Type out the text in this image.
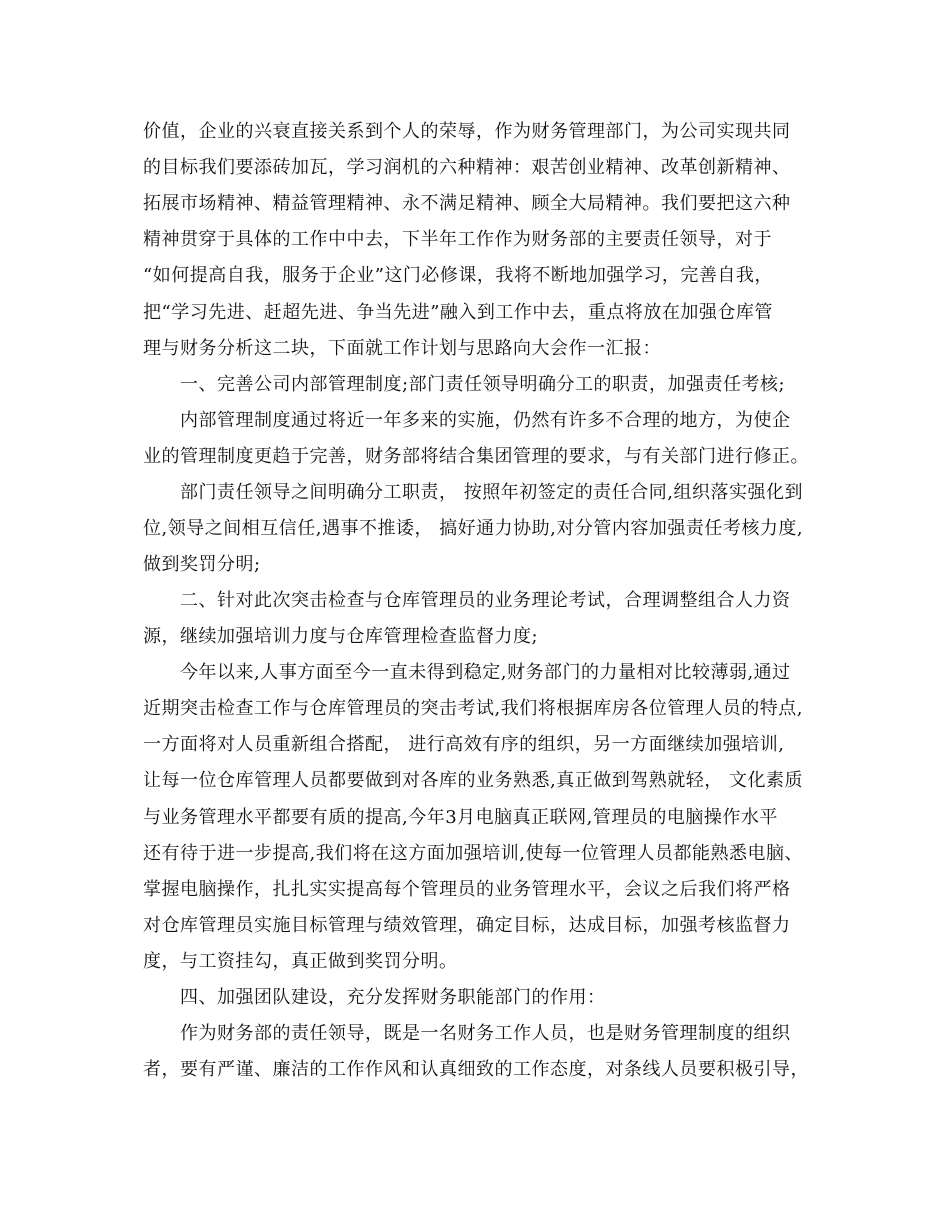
价值，企业的兴衰直接关系到个人的荣辱，作为财务管理部门，为公司实现共同
的目标我们要添砖加瓦，学习润机的六种精神：艰苦创业精神、改革创新精神、
拓展市场精神、精益管理精神、永不满足精神、顾全大局精神。我们要把这六种
精神贯穿于具体的工作中中去，下半年工作作为财务部的主要责任领导，对于
“如何提高自我，服务于企业”这门必修课，我将不断地加强学习，完善自我，
把“学习先进、赶超先进、争当先进”融入到工作中去，重点将放在加强仓库管
理与财务分析这二块，下面就工作计划与思路向大会作一汇报：
　　一、完善公司内部管理制度;部门责任领导明确分工的职责，加强责任考核;
　　内部管理制度通过将近一年多来的实施，仍然有许多不合理的地方，为使企
业的管理制度更趋于完善，财务部将结合集团管理的要求，与有关部门进行修正。
　　部门责任领导之间明确分工职责， 按照年初签定的责任合同,组织落实强化到
位,领导之间相互信任,遇事不推诿， 搞好通力协助,对分管内容加强责任考核力度,
做到奖罚分明;
　　二、针对此次突击检查与仓库管理员的业务理论考试，合理调整组合人力资
源，继续加强培训力度与仓库管理检查监督力度;
　　今年以来,人事方面至今一直未得到稳定,财务部门的力量相对比较薄弱,通过
近期突击检查工作与仓库管理员的突击考试,我们将根据库房各位管理人员的特点,
一方面将对人员重新组合搭配， 进行高效有序的组织，另一方面继续加强培训,
让每一位仓库管理人员都要做到对各库的业务熟悉,真正做到驾熟就轻， 文化素质
与业务管理水平都要有质的提高,今年3月电脑真正联网,管理员的电脑操作水平
还有待于进一步提高,我们将在这方面加强培训,使每一位管理人员都能熟悉电脑、
掌握电脑操作，扎扎实实提高每个管理员的业务管理水平，会议之后我们将严格
对仓库管理员实施目标管理与绩效管理，确定目标，达成目标，加强考核监督力
度，与工资挂勾，真正做到奖罚分明。
　　四、加强团队建设，充分发挥财务职能部门的作用：
　　作为财务部的责任领导，既是一名财务工作人员，也是财务管理制度的组织
者，要有严谨、廉洁的工作作风和认真细致的工作态度，对条线人员要积极引导，
